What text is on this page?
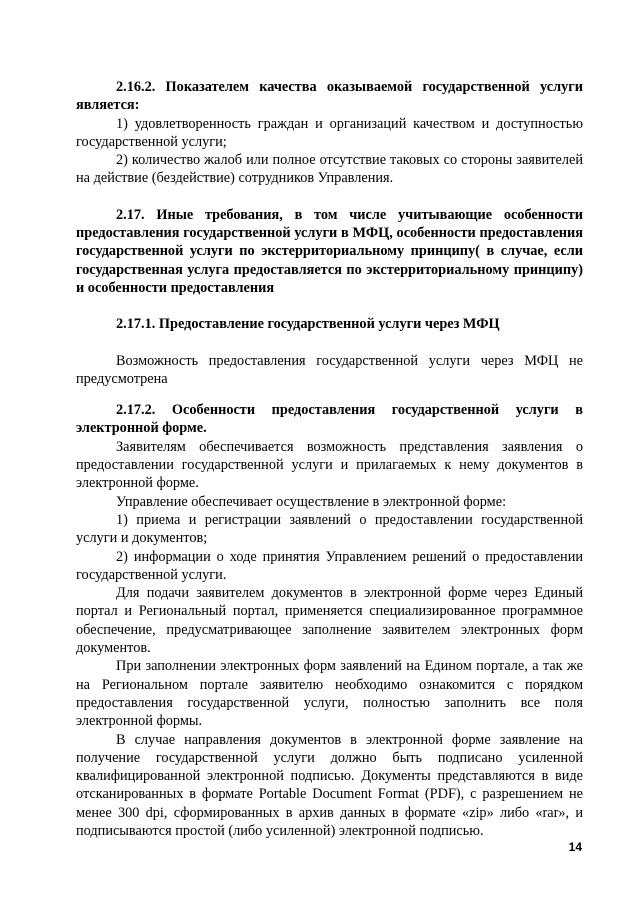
2.16.2. Показателем качества оказываемой государственной услуги является:

1) удовлетворенность граждан и организаций качеством и доступностью государственной услуги;

2) количество жалоб или полное отсутствие таковых со стороны заявителей на действие (бездействие) сотрудников Управления.

2.17. Иные требования, в том числе учитывающие особенности предоставления государственной услуги в МФЦ, особенности предоставления государственной услуги по экстерриториальному принципу( в случае, если государственная услуга предоставляется по экстерриториальному принципу) и особенности предоставления

2.17.1. Предоставление государственной услуги через МФЦ

Возможность предоставления государственной услуги через МФЦ не предусмотрена

2.17.2. Особенности предоставления государственной услуги в электронной форме.

Заявителям обеспечивается возможность представления заявления о предоставлении государственной услуги и прилагаемых к нему документов в электронной форме.

Управление обеспечивает осуществление в электронной форме:

1) приема и регистрации заявлений о предоставлении государственной услуги и документов;

2) информации о ходе принятия Управлением решений о предоставлении государственной услуги.

Для подачи заявителем документов в электронной форме через Единый портал и Региональный портал, применяется специализированное программное обеспечение, предусматривающее заполнение заявителем электронных форм документов.

При заполнении электронных форм заявлений на Едином портале, а так же на Региональном портале заявителю необходимо ознакомится с порядком предоставления государственной услуги, полностью заполнить все поля электронной формы.

В случае направления документов в электронной форме заявление на получение государственной услуги должно быть подписано усиленной квалифицированной электронной подписью. Документы представляются в виде отсканированных в формате Portable Document Format (PDF), с разрешением не менее 300 dpi, сформированных в архив данных в формате «zip» либо «rar», и подписываются простой (либо усиленной) электронной подписью.

14
